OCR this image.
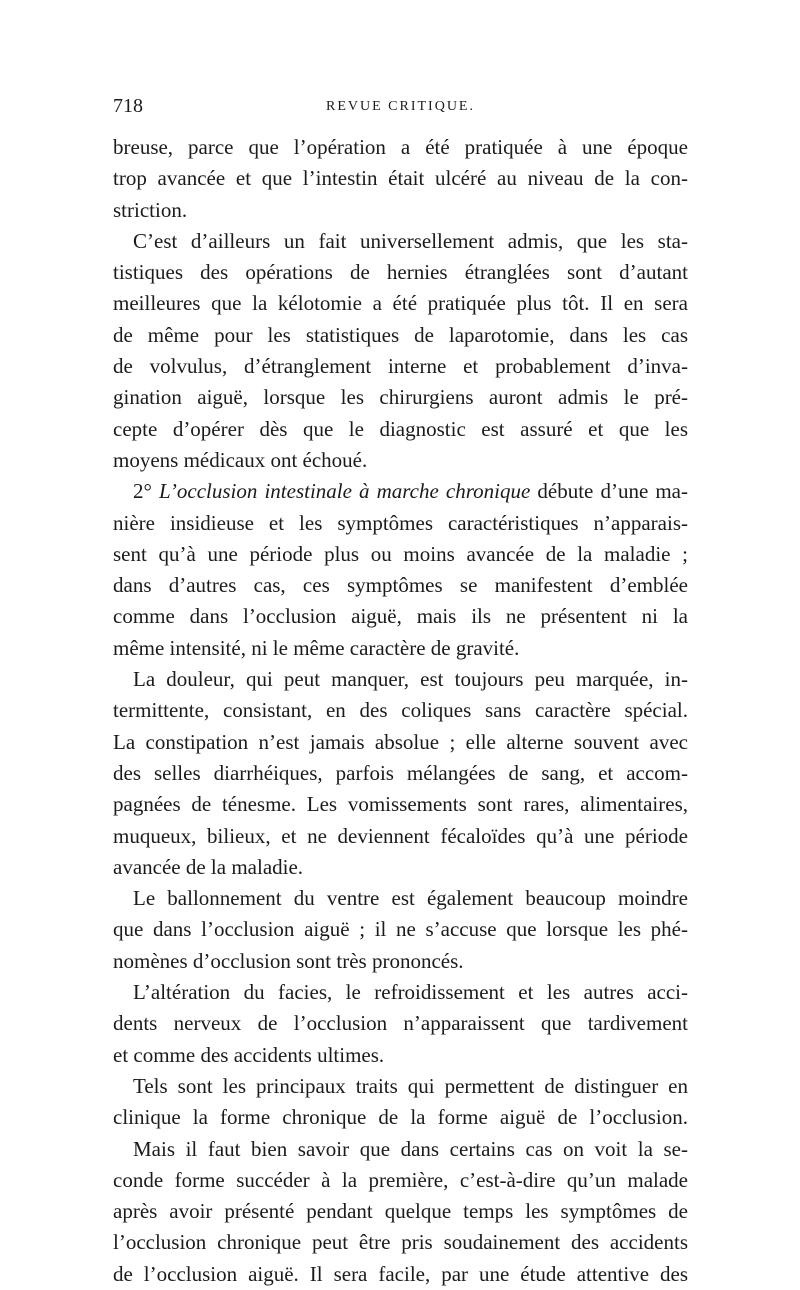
718	REVUE CRITIQUE.
breuse, parce que l’opération a été pratiquée à une époque
trop avancée et que l’intestin était ulcéré au niveau de la con-
striction.
C’est d’ailleurs un fait universellement admis, que les sta-
tistiques des opérations de hernies étranglées sont d’autant
meilleures que la kélotomie a été pratiquée plus tôt. Il en sera
de même pour les statistiques de laparotomie, dans les cas
de volvulus, d’étranglement interne et probablement d’inva-
gination aiguë, lorsque les chirurgiens auront admis le pré-
cepte d’opérer dès que le diagnostic est assuré et que les
moyens médicaux ont échoué.
2° L’occlusion intestinale à marche chronique débute d’une ma-
nière insidieuse et les symptômes caractéristiques n’apparais-
sent qu’à une période plus ou moins avancée de la maladie ;
dans d’autres cas, ces symptômes se manifestent d’emblée
comme dans l’occlusion aiguë, mais ils ne présentent ni la
même intensité, ni le même caractère de gravité.
La douleur, qui peut manquer, est toujours peu marquée, in-
termittente, consistant, en des coliques sans caractère spécial.
La constipation n’est jamais absolue ; elle alterne souvent avec
des selles diarrhéiques, parfois mélangées de sang, et accom-
pagnées de ténesme. Les vomissements sont rares, alimentaires,
muqueux, bilieux, et ne deviennent fécaloïdes qu’à une période
avancée de la maladie.
Le ballonnement du ventre est également beaucoup moindre
que dans l’occlusion aiguë ; il ne s’accuse que lorsque les phé-
nomènes d’occlusion sont très prononcés.
L’altération du facies, le refroidissement et les autres acci-
dents nerveux de l’occlusion n’apparaissent que tardivement
et comme des accidents ultimes.
Tels sont les principaux traits qui permettent de distinguer en
clinique la forme chronique de la forme aiguë de l’occlusion.
Mais il faut bien savoir que dans certains cas on voit la se-
conde forme succéder à la première, c’est-à-dire qu’un malade
après avoir présenté pendant quelque temps les symptômes de
l’occlusion chronique peut être pris soudainement des accidents
de l’occlusion aiguë. Il sera facile, par une étude attentive des
